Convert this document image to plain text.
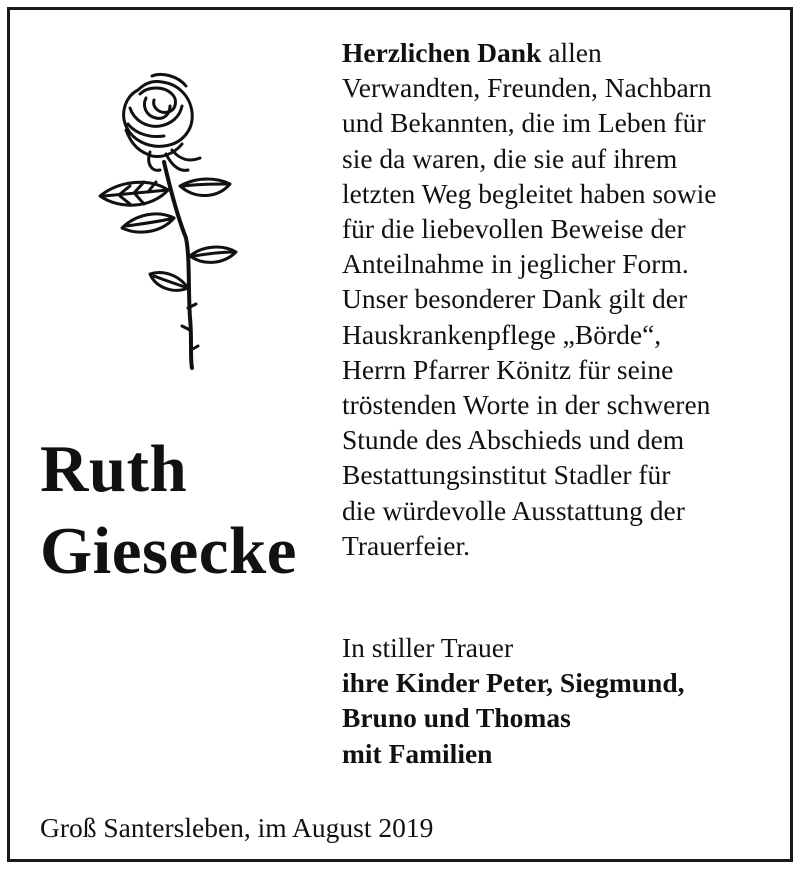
Ruth
Giesecke
Herzlichen Dank allen
Verwandten, Freunden, Nachbarn
und Bekannten, die im Leben für
sie da waren, die sie auf ihrem
letzten Weg begleitet haben sowie
für die liebevollen Beweise der
Anteilnahme in jeglicher Form.
Unser besonderer Dank gilt der
Hauskrankenpflege „Börde“,
Herrn Pfarrer Könitz für seine
tröstenden Worte in der schweren
Stunde des Abschieds und dem
Bestattungsinstitut Stadler für
die würdevolle Ausstattung der
Trauerfeier.
In stiller Trauer
ihre Kinder Peter, Siegmund,
Bruno und Thomas
mit Familien
Groß Santersleben, im August 2019
